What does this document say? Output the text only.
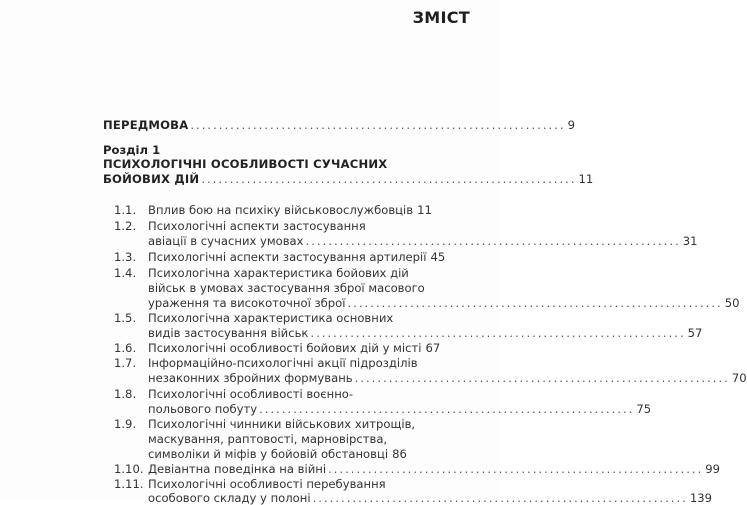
ЗМІСТ
ПЕРЕДМОВА .................................................................. 9
Розділ 1
ПСИХОЛОГІЧНІ ОСОБЛИВОСТІ СУЧАСНИХ
БОЙОВИХ ДІЙ .................................................................. 11
1.1. Вплив бою на психіку військовослужбовців 11
1.2. Психологічні аспекти застосування
авіації в сучасних умовах .................................................................. 31
1.3. Психологічні аспекти застосування артилерії 45
1.4. Психологічна характеристика бойових дій
військ в умовах застосування зброї масового
ураження та високоточної зброї .................................................................. 50
1.5. Психологічна характеристика основних
видів застосування військ .................................................................. 57
1.6. Психологічні особливості бойових дій у місті 67
1.7. Інформаційно-психологічні акції підрозділів
незаконних збройних формувань .................................................................. 70
1.8. Психологічні особливості воєнно-
польового побуту .................................................................. 75
1.9. Психологічні чинники військових хитрощів,
маскування, раптовості, марновірства,
символіки й міфів у бойовій обстановці 86
1.10. Девіантна поведінка на війні .................................................................. 99
1.11. Психологічні особливості перебування
особового складу у полоні .................................................................. 139
